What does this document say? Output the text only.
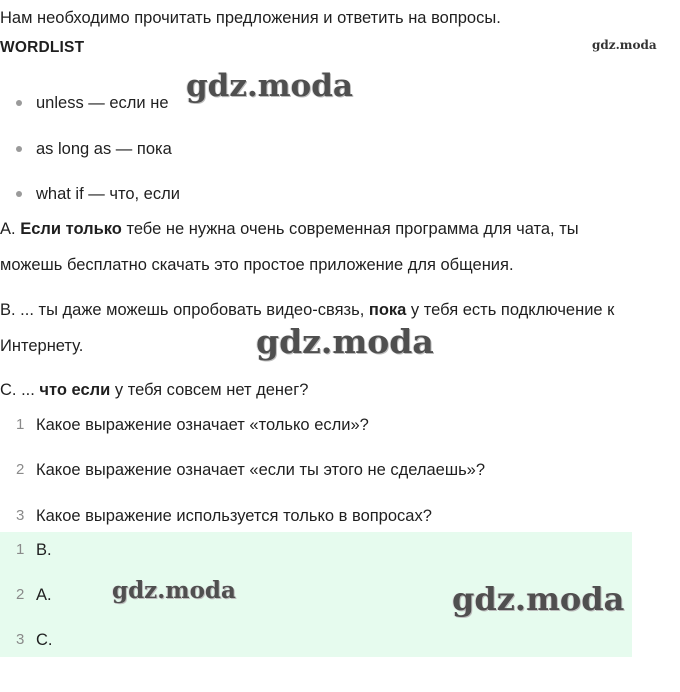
Нам необходимо прочитать предложения и ответить на вопросы.
WORDLIST
unless — если не
as long as — пока
what if — что, если
A. Если только тебе не нужна очень современная программа для чата, ты
можешь бесплатно скачать это простое приложение для общения.
B. ... ты даже можешь опробовать видео-связь, пока у тебя есть подключение к
Интернету.
C. ... что если у тебя совсем нет денег?
1 Какое выражение означает «только если»?
2 Какое выражение означает «если ты этого не сделаешь»?
3 Какое выражение используется только в вопросах?
1 B.
2 A.
3 C.
gdz.moda
gdz.moda
gdz.moda
gdz.moda	gdz.moda
